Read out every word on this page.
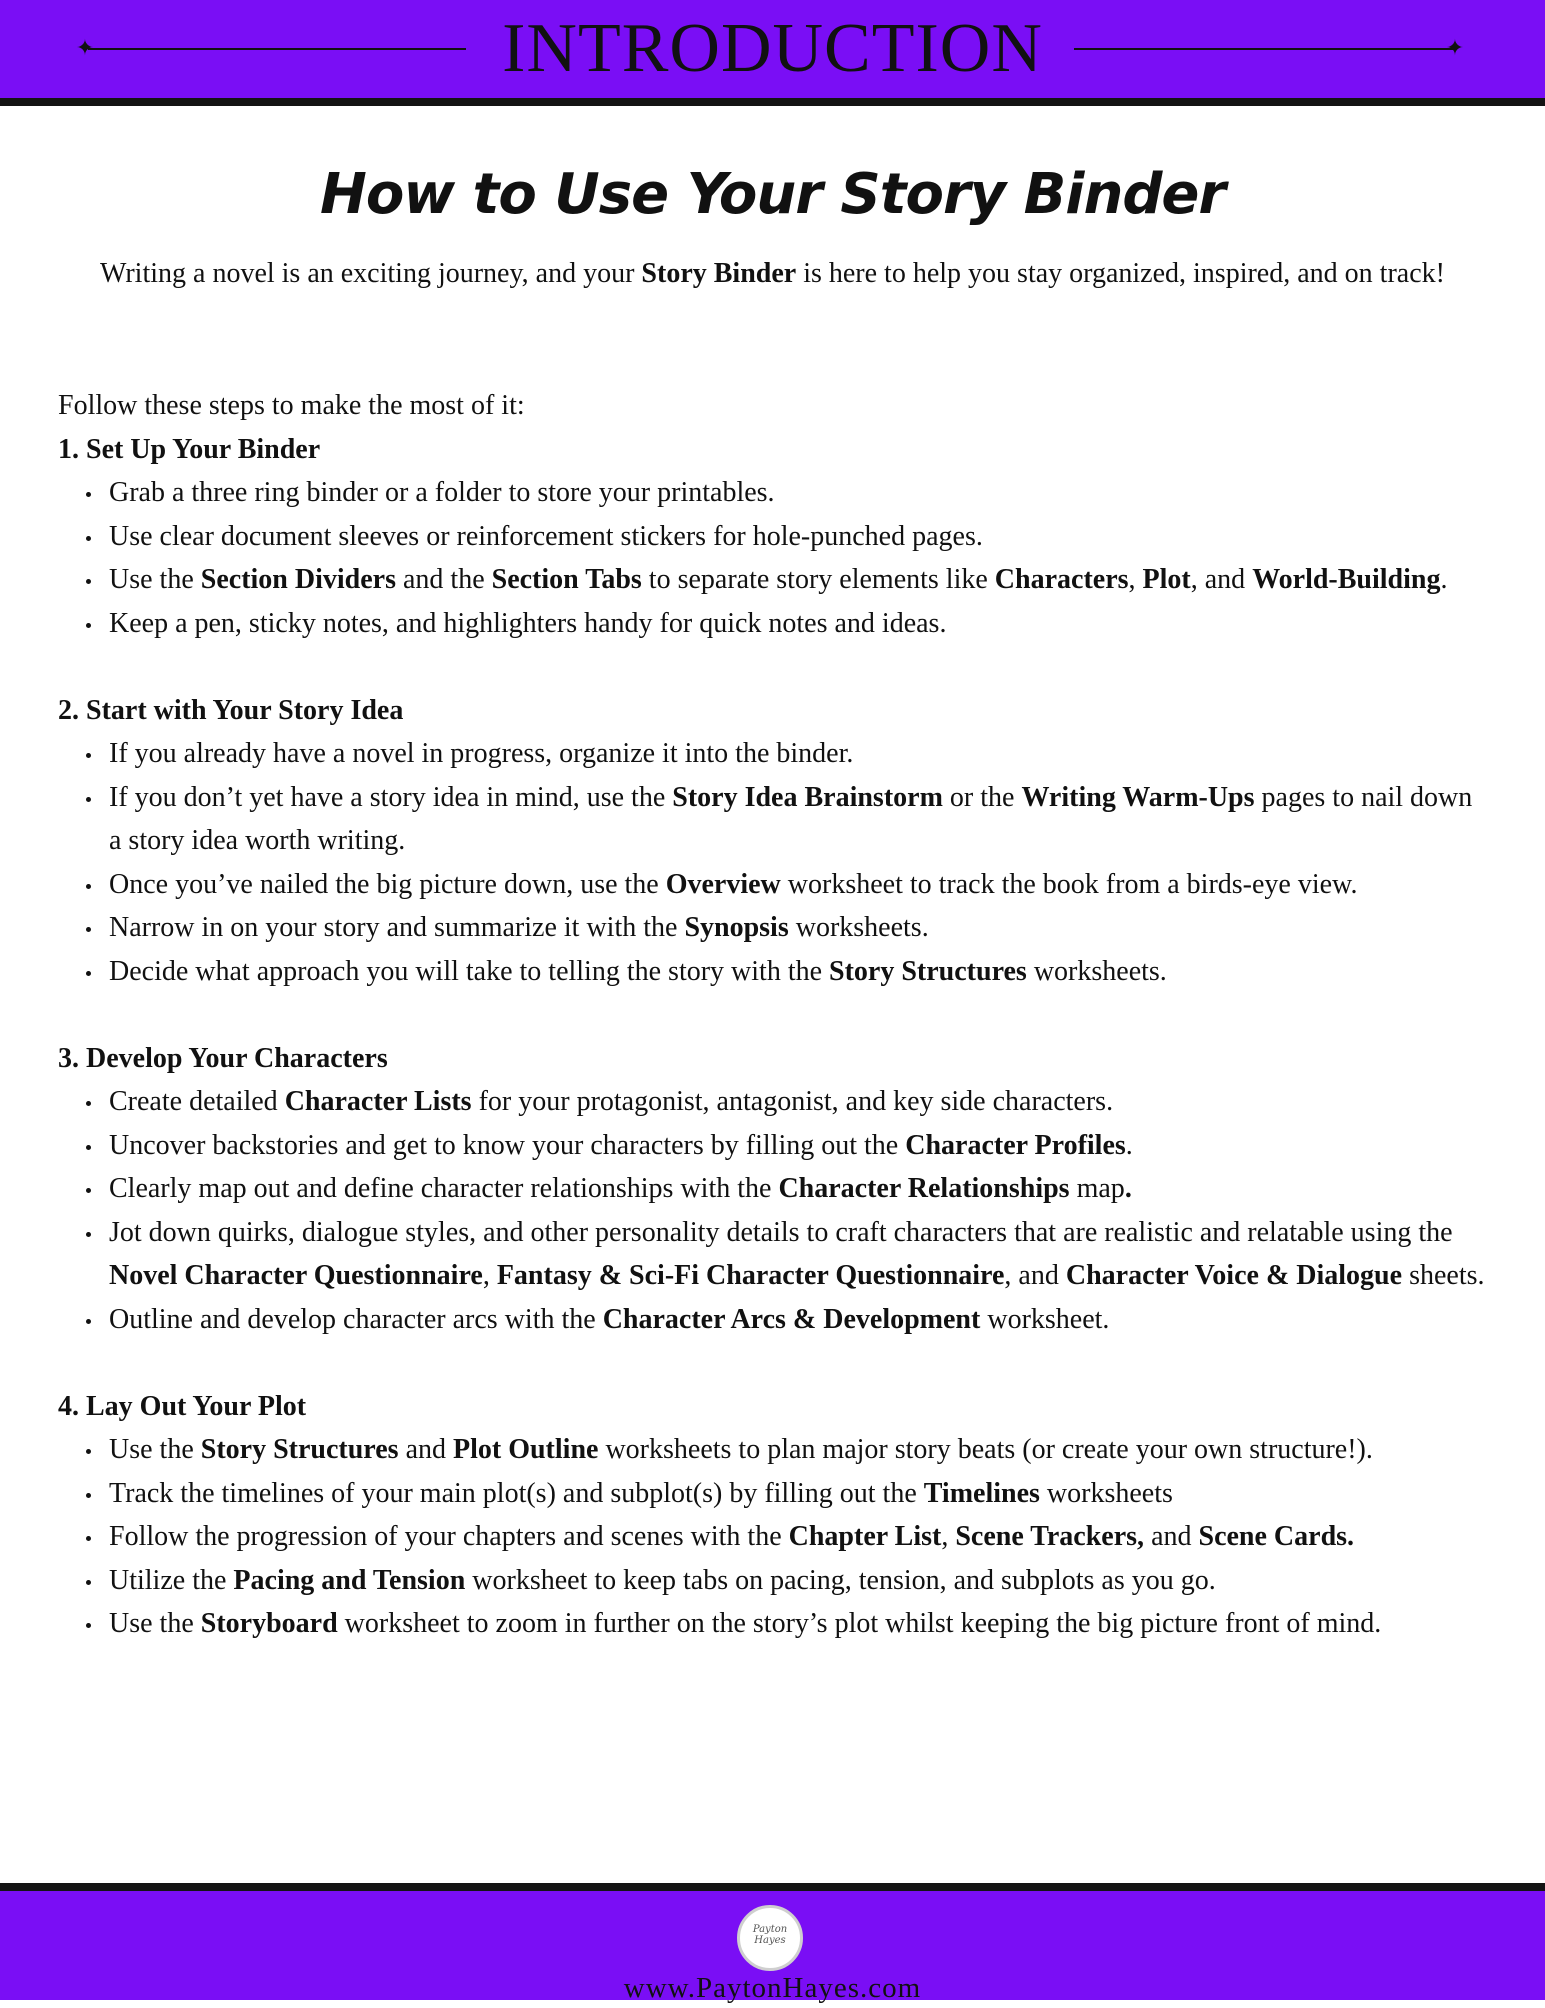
✦	✦
INTRODUCTION
How to Use Your Story Binder
Writing a novel is an exciting journey, and your Story Binder is here to help you stay organized, inspired, and on track!

Follow these steps to make the most of it:

1. Set Up Your Binder

Grab a three ring binder or a folder to store your printables.
Use clear document sleeves or reinforcement stickers for hole-punched pages.
Use the Section Dividers and the Section Tabs to separate story elements like Characters, Plot, and World-Building.
Keep a pen, sticky notes, and highlighters handy for quick notes and ideas.

2. Start with Your Story Idea

If you already have a novel in progress, organize it into the binder.
If you don’t yet have a story idea in mind, use the Story Idea Brainstorm or the Writing Warm-Ups pages to nail down a story idea worth writing.
Once you’ve nailed the big picture down, use the Overview worksheet to track the book from a birds-eye view.
Narrow in on your story and summarize it with the Synopsis worksheets.
Decide what approach you will take to telling the story with the Story Structures worksheets.

3. Develop Your Characters

Create detailed Character Lists for your protagonist, antagonist, and key side characters.
Uncover backstories and get to know your characters by filling out the Character Profiles.
Clearly map out and define character relationships with the Character Relationships map.
Jot down quirks, dialogue styles, and other personality details to craft characters that are realistic and relatable using the Novel Character Questionnaire, Fantasy & Sci-Fi Character Questionnaire, and Character Voice & Dialogue sheets.
Outline and develop character arcs with the Character Arcs & Development worksheet.

4. Lay Out Your Plot

Use the Story Structures and Plot Outline worksheets to plan major story beats (or create your own structure!).
Track the timelines of your main plot(s) and subplot(s) by filling out the Timelines worksheets
Follow the progression of your chapters and scenes with the Chapter List, Scene Trackers, and Scene Cards.
Utilize the Pacing and Tension worksheet to keep tabs on pacing, tension, and subplots as you go.
Use the Storyboard worksheet to zoom in further on the story’s plot whilst keeping the big picture front of mind.
Payton Hayes
www.PaytonHayes.com
